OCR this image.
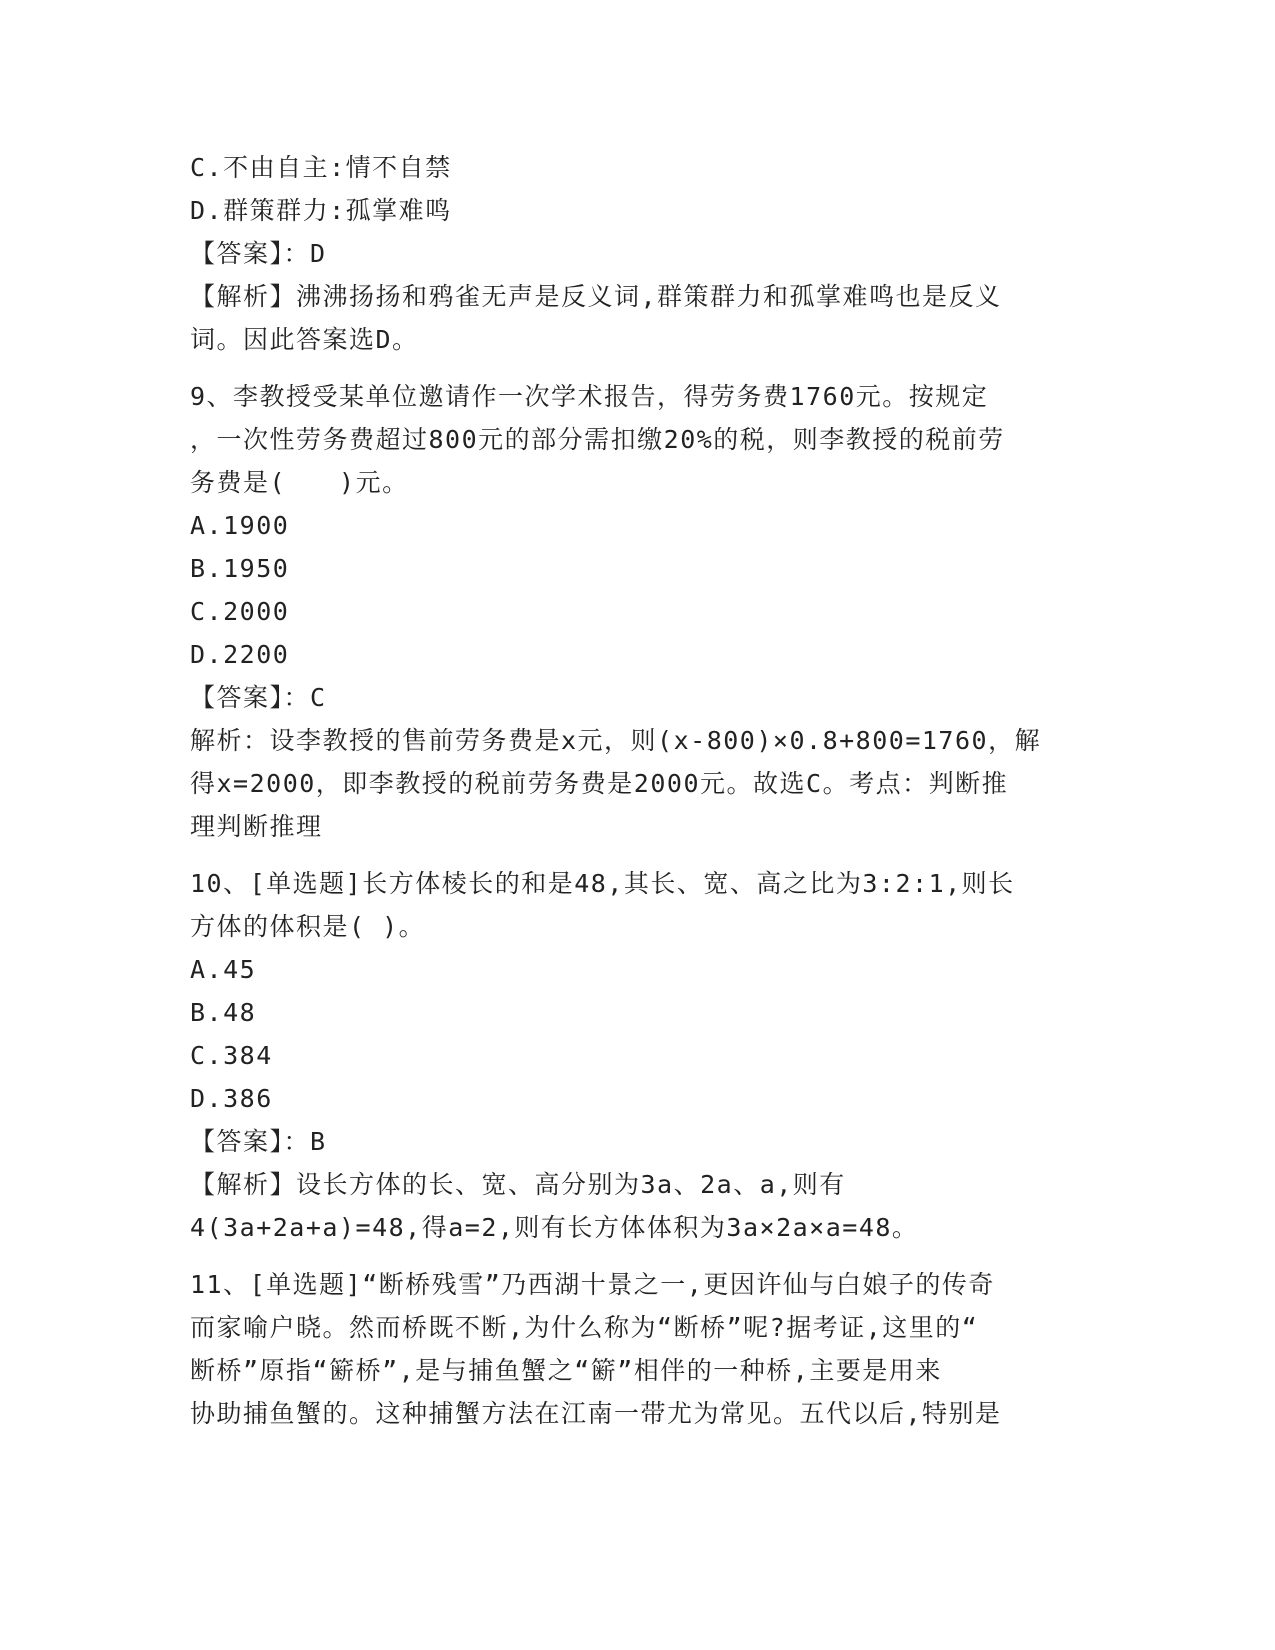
C.不由自主:情不自禁
D.群策群力:孤掌难鸣
【答案】：D
【解析】沸沸扬扬和鸦雀无声是反义词,群策群力和孤掌难鸣也是反义
词。因此答案选D。
9、李教授受某单位邀请作一次学术报告，得劳务费1760元。按规定
，一次性劳务费超过800元的部分需扣缴20%的税，则李教授的税前劳
务费是(　　)元。
A.1900
B.1950
C.2000
D.2200
【答案】：C
解析：设李教授的售前劳务费是x元，则(x-800)×0.8+800=1760，解
得x=2000，即李教授的税前劳务费是2000元。故选C。考点：判断推
理判断推理
10、[单选题]长方体棱长的和是48,其长、宽、高之比为3:2:1,则长
方体的体积是( )。
A.45
B.48
C.384
D.386
【答案】：B
【解析】设长方体的长、宽、高分别为3a、2a、a,则有
4(3a+2a+a)=48,得a=2,则有长方体体积为3a×2a×a=48。
11、[单选题]“断桥残雪”乃西湖十景之一,更因许仙与白娘子的传奇
而家喻户晓。然而桥既不断,为什么称为“断桥”呢?据考证,这里的“
断桥”原指“簖桥”,是与捕鱼蟹之“簖”相伴的一种桥,主要是用来
协助捕鱼蟹的。这种捕蟹方法在江南一带尤为常见。五代以后,特别是
